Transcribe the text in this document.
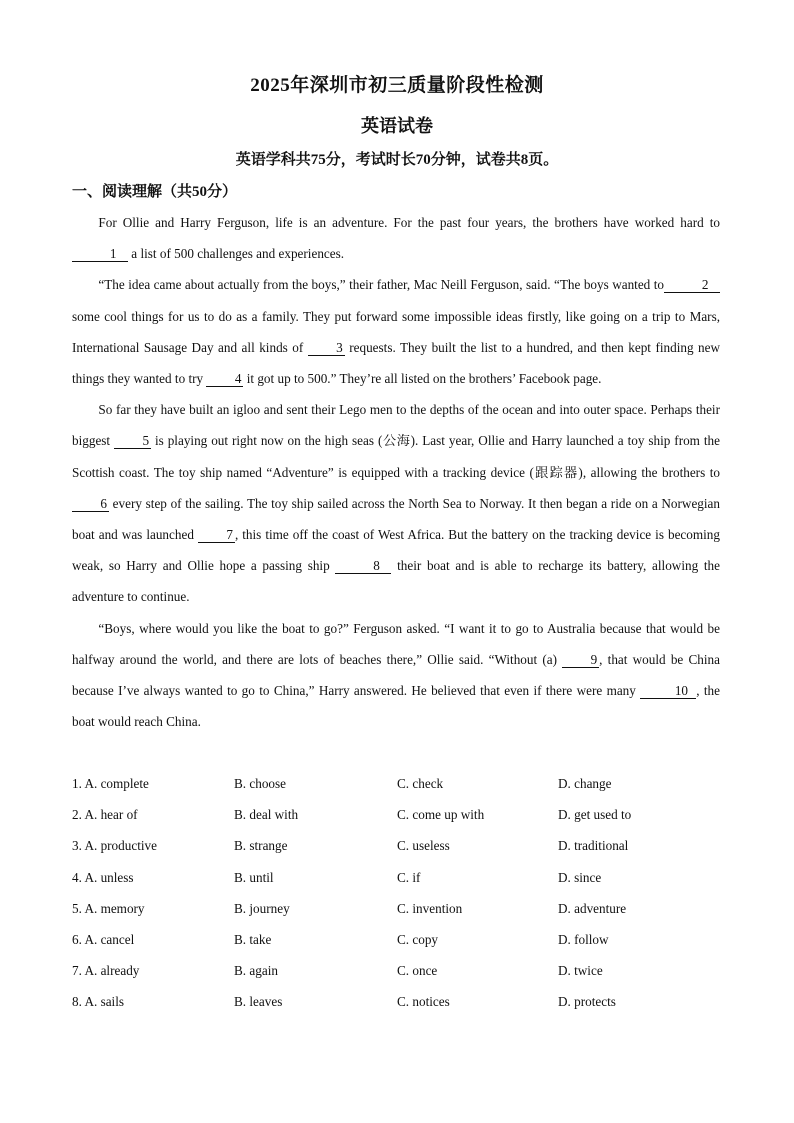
2025年深圳市初三质量阶段性检测
英语试卷
英语学科共75分，考试时长70分钟，试卷共8页。
一、阅读理解（共50分）

For Ollie and Harry Ferguson, life is an adventure. For the past four years, the brothers have worked hard to 1 a list of 500 challenges and experiences.

“The idea came about actually from the boys,” their father, Mac Neill Ferguson, said. “The boys wanted to	2 some cool things for us to do as a family. They put forward some impossible ideas firstly, like going on a trip to Mars, International Sausage Day and all kinds of 3 requests. They built the list to a hundred, and then kept finding new things they wanted to try 4 it got up to 500.” They’re all listed on the brothers’ Facebook page.

So far they have built an igloo and sent their Lego men to the depths of the ocean and into outer space. Perhaps their biggest 5 is playing out right now on the high seas (公海). Last year, Ollie and Harry launched a toy ship from the Scottish coast. The toy ship named “Adventure” is equipped with a tracking device (跟踪器), allowing the brothers to 6 every step of the sailing. The toy ship sailed across the North Sea to Norway. It then began a ride on a Norwegian boat and was launched 7 , this time off the coast of West Africa. But the battery on the tracking device is becoming weak, so Harry and Ollie hope a passing ship	8 their boat and is able to recharge its battery, allowing the adventure to continue.

“Boys, where would you like the boat to go?” Ferguson asked. “I want it to go to Australia because that would be halfway around the world, and there are lots of beaches there,” Ollie said. “Without (a) 9 , that would be China because I’ve always wanted to go to China,” Harry answered. He believed that even if there were many	10 , the boat would reach China.

1. A. complete	B. choose	C. check	D. change
2. A. hear of	B. deal with	C. come up with	D. get used to
3. A. productive	B. strange	C. useless	D. traditional
4. A. unless	B. until	C. if	D. since
5. A. memory	B. journey	C. invention	D. adventure
6. A. cancel	B. take	C. copy	D. follow
7. A. already	B. again	C. once	D. twice
8. A. sails	B. leaves	C. notices	D. protects
